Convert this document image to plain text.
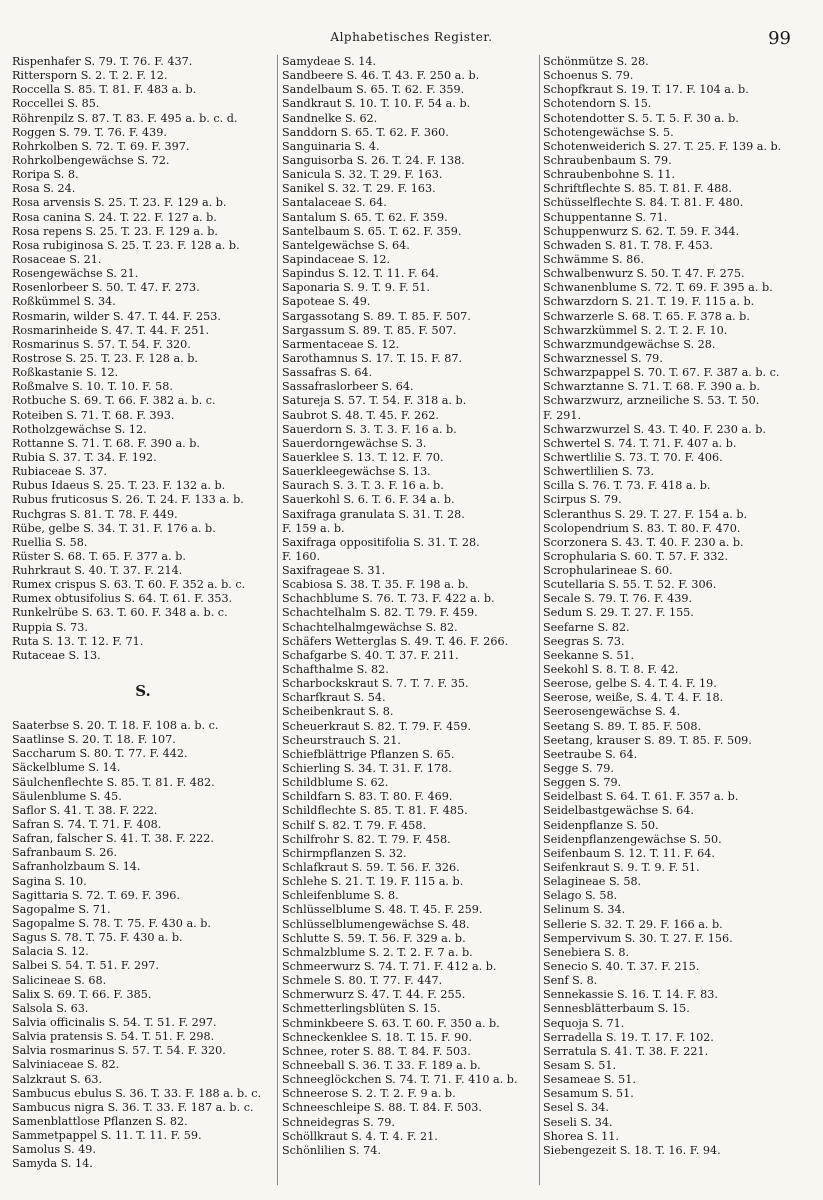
Alphabetisches Register.	99
Rispenhafer S. 79. T. 76. F. 437.
Rittersporn S. 2. T. 2. F. 12.
Roccella S. 85. T. 81. F. 483 a. b.
Roccellei S. 85.
Röhrenpilz S. 87. T. 83. F. 495 a. b. c. d.
Roggen S. 79. T. 76. F. 439.
Rohrkolben S. 72. T. 69. F. 397.
Rohrkolbengewächse S. 72.
Roripa S. 8.
Rosa S. 24.
Rosa arvensis S. 25. T. 23. F. 129 a. b.
Rosa canina S. 24. T. 22. F. 127 a. b.
Rosa repens S. 25. T. 23. F. 129 a. b.
Rosa rubiginosa S. 25. T. 23. F. 128 a. b.
Rosaceae S. 21.
Rosengewächse S. 21.
Rosenlorbeer S. 50. T. 47. F. 273.
Roßkümmel S. 34.
Rosmarin, wilder S. 47. T. 44. F. 253.
Rosmarinheide S. 47. T. 44. F. 251.
Rosmarinus S. 57. T. 54. F. 320.
Rostrose S. 25. T. 23. F. 128 a. b.
Roßkastanie S. 12.
Roßmalve S. 10. T. 10. F. 58.
Rotbuche S. 69. T. 66. F. 382 a. b. c.
Roteiben S. 71. T. 68. F. 393.
Rotholzgewächse S. 12.
Rottanne S. 71. T. 68. F. 390 a. b.
Rubia S. 37. T. 34. F. 192.
Rubiaceae S. 37.
Rubus Idaeus S. 25. T. 23. F. 132 a. b.
Rubus fruticosus S. 26. T. 24. F. 133 a. b.
Ruchgras S. 81. T. 78. F. 449.
Rübe, gelbe S. 34. T. 31. F. 176 a. b.
Ruellia S. 58.
Rüster S. 68. T. 65. F. 377 a. b.
Ruhrkraut S. 40. T. 37. F. 214.
Rumex crispus S. 63. T. 60. F. 352 a. b. c.
Rumex obtusifolius S. 64. T. 61. F. 353.
Runkelrübe S. 63. T. 60. F. 348 a. b. c.
Ruppia S. 73.
Ruta S. 13. T. 12. F. 71.
Rutaceae S. 13.
S.
Saaterbse S. 20. T. 18. F. 108 a. b. c.
Saatlinse S. 20. T. 18. F. 107.
Saccharum S. 80. T. 77. F. 442.
Säckelblume S. 14.
Säulchenflechte S. 85. T. 81. F. 482.
Säulenblume S. 45.
Saflor S. 41. T. 38. F. 222.
Safran S. 74. T. 71. F. 408.
Safran, falscher S. 41. T. 38. F. 222.
Safranbaum S. 26.
Safranholzbaum S. 14.
Sagina S. 10.
Sagittaria S. 72. T. 69. F. 396.
Sagopalme S. 71.
Sagopalme S. 78. T. 75. F. 430 a. b.
Sagus S. 78. T. 75. F. 430 a. b.
Salacia S. 12.
Salbei S. 54. T. 51. F. 297.
Salicineae S. 68.
Salix S. 69. T. 66. F. 385.
Salsola S. 63.
Salvia officinalis S. 54. T. 51. F. 297.
Salvia pratensis S. 54. T. 51. F. 298.
Salvia rosmarinus S. 57. T. 54. F. 320.
Salviniaceae S. 82.
Salzkraut S. 63.
Sambucus ebulus S. 36. T. 33. F. 188 a. b. c.
Sambucus nigra S. 36. T. 33. F. 187 a. b. c.
Samenblattlose Pflanzen S. 82.
Sammetpappel S. 11. T. 11. F. 59.
Samolus S. 49.
Samyda S. 14.
Samydeae S. 14.
Sandbeere S. 46. T. 43. F. 250 a. b.
Sandelbaum S. 65. T. 62. F. 359.
Sandkraut S. 10. T. 10. F. 54 a. b.
Sandnelke S. 62.
Sanddorn S. 65. T. 62. F. 360.
Sanguinaria S. 4.
Sanguisorba S. 26. T. 24. F. 138.
Sanicula S. 32. T. 29. F. 163.
Sanikel S. 32. T. 29. F. 163.
Santalaceae S. 64.
Santalum S. 65. T. 62. F. 359.
Santelbaum S. 65. T. 62. F. 359.
Santelgewächse S. 64.
Sapindaceae S. 12.
Sapindus S. 12. T. 11. F. 64.
Saponaria S. 9. T. 9. F. 51.
Sapoteae S. 49.
Sargassotang S. 89. T. 85. F. 507.
Sargassum S. 89. T. 85. F. 507.
Sarmentaceae S. 12.
Sarothamnus S. 17. T. 15. F. 87.
Sassafras S. 64.
Sassafraslorbeer S. 64.
Satureja S. 57. T. 54. F. 318 a. b.
Saubrot S. 48. T. 45. F. 262.
Sauerdorn S. 3. T. 3. F. 16 a. b.
Sauerdorngewächse S. 3.
Sauerklee S. 13. T. 12. F. 70.
Sauerkleegewächse S. 13.
Saurach S. 3. T. 3. F. 16 a. b.
Sauerkohl S. 6. T. 6. F. 34 a. b.
Saxifraga granulata S. 31. T. 28.
F. 159 a. b.
Saxifraga oppositifolia S. 31. T. 28.
F. 160.
Saxifrageae S. 31.
Scabiosa S. 38. T. 35. F. 198 a. b.
Schachblume S. 76. T. 73. F. 422 a. b.
Schachtelhalm S. 82. T. 79. F. 459.
Schachtelhalmgewächse S. 82.
Schäfers Wetterglas S. 49. T. 46. F. 266.
Schafgarbe S. 40. T. 37. F. 211.
Schafthalme S. 82.
Scharbockskraut S. 7. T. 7. F. 35.
Scharfkraut S. 54.
Scheibenkraut S. 8.
Scheuerkraut S. 82. T. 79. F. 459.
Scheurstrauch S. 21.
Schiefblättrige Pflanzen S. 65.
Schierling S. 34. T. 31. F. 178.
Schildblume S. 62.
Schildfarn S. 83. T. 80. F. 469.
Schildflechte S. 85. T. 81. F. 485.
Schilf S. 82. T. 79. F. 458.
Schilfrohr S. 82. T. 79. F. 458.
Schirmpflanzen S. 32.
Schlafkraut S. 59. T. 56. F. 326.
Schlehe S. 21. T. 19. F. 115 a. b.
Schleifenblume S. 8.
Schlüsselblume S. 48. T. 45. F. 259.
Schlüsselblumengewächse S. 48.
Schlutte S. 59. T. 56. F. 329 a. b.
Schmalzblume S. 2. T. 2. F. 7 a. b.
Schmeerwurz S. 74. T. 71. F. 412 a. b.
Schmele S. 80. T. 77. F. 447.
Schmerwurz S. 47. T. 44. F. 255.
Schmetterlingsblüten S. 15.
Schminkbeere S. 63. T. 60. F. 350 a. b.
Schneckenklee S. 18. T. 15. F. 90.
Schnee, roter S. 88. T. 84. F. 503.
Schneeball S. 36. T. 33. F. 189 a. b.
Schneeglöckchen S. 74. T. 71. F. 410 a. b.
Schneerose S. 2. T. 2. F. 9 a. b.
Schneeschleipe S. 88. T. 84. F. 503.
Schneidegras S. 79.
Schöllkraut S. 4. T. 4. F. 21.
Schönlilien S. 74.
Schönmütze S. 28.
Schoenus S. 79.
Schopfkraut S. 19. T. 17. F. 104 a. b.
Schotendorn S. 15.
Schotendotter S. 5. T. 5. F. 30 a. b.
Schotengewächse S. 5.
Schotenweiderich S. 27. T. 25. F. 139 a. b.
Schraubenbaum S. 79.
Schraubenbohne S. 11.
Schriftflechte S. 85. T. 81. F. 488.
Schüsselflechte S. 84. T. 81. F. 480.
Schuppentanne S. 71.
Schuppenwurz S. 62. T. 59. F. 344.
Schwaden S. 81. T. 78. F. 453.
Schwämme S. 86.
Schwalbenwurz S. 50. T. 47. F. 275.
Schwanenblume S. 72. T. 69. F. 395 a. b.
Schwarzdorn S. 21. T. 19. F. 115 a. b.
Schwarzerle S. 68. T. 65. F. 378 a. b.
Schwarzkümmel S. 2. T. 2. F. 10.
Schwarzmundgewächse S. 28.
Schwarznessel S. 79.
Schwarzpappel S. 70. T. 67. F. 387 a. b. c.
Schwarztanne S. 71. T. 68. F. 390 a. b.
Schwarzwurz, arzneiliche S. 53. T. 50.
F. 291.
Schwarzwurzel S. 43. T. 40. F. 230 a. b.
Schwertel S. 74. T. 71. F. 407 a. b.
Schwertlilie S. 73. T. 70. F. 406.
Schwertlilien S. 73.
Scilla S. 76. T. 73. F. 418 a. b.
Scirpus S. 79.
Scleranthus S. 29. T. 27. F. 154 a. b.
Scolopendrium S. 83. T. 80. F. 470.
Scorzonera S. 43. T. 40. F. 230 a. b.
Scrophularia S. 60. T. 57. F. 332.
Scrophularineae S. 60.
Scutellaria S. 55. T. 52. F. 306.
Secale S. 79. T. 76. F. 439.
Sedum S. 29. T. 27. F. 155.
Seefarne S. 82.
Seegras S. 73.
Seekanne S. 51.
Seekohl S. 8. T. 8. F. 42.
Seerose, gelbe S. 4. T. 4. F. 19.
Seerose, weiße, S. 4. T. 4. F. 18.
Seerosengewächse S. 4.
Seetang S. 89. T. 85. F. 508.
Seetang, krauser S. 89. T. 85. F. 509.
Seetraube S. 64.
Segge S. 79.
Seggen S. 79.
Seidelbast S. 64. T. 61. F. 357 a. b.
Seidelbastgewächse S. 64.
Seidenpflanze S. 50.
Seidenpflanzengewächse S. 50.
Seifenbaum S. 12. T. 11. F. 64.
Seifenkraut S. 9. T. 9. F. 51.
Selagineae S. 58.
Selago S. 58.
Selinum S. 34.
Sellerie S. 32. T. 29. F. 166 a. b.
Sempervivum S. 30. T. 27. F. 156.
Senebiera S. 8.
Senecio S. 40. T. 37. F. 215.
Senf S. 8.
Sennekassie S. 16. T. 14. F. 83.
Sennesblätterbaum S. 15.
Sequoja S. 71.
Serradella S. 19. T. 17. F. 102.
Serratula S. 41. T. 38. F. 221.
Sesam S. 51.
Sesameae S. 51.
Sesamum S. 51.
Sesel S. 34.
Seseli S. 34.
Shorea S. 11.
Siebengezeit S. 18. T. 16. F. 94.
